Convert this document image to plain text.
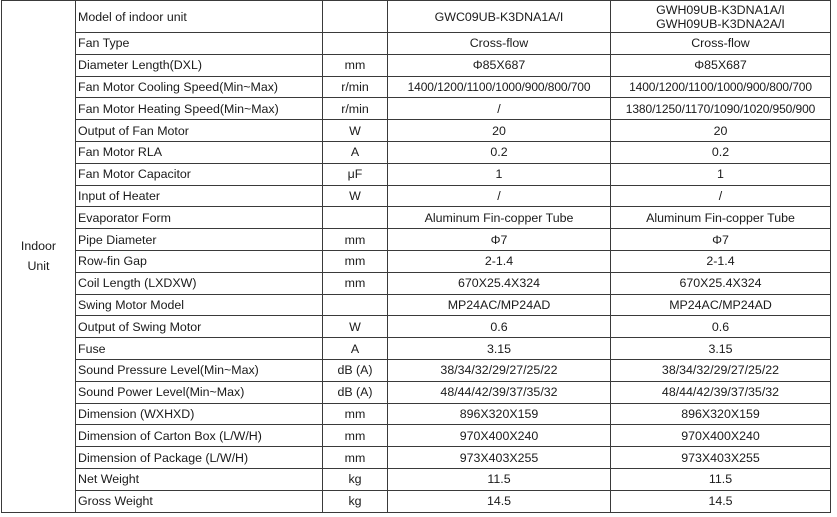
Indoor
Unit	Model of indoor unit		GWC09UB-K3DNA1A/I	GWH09UB-K3DNA1A/I
GWH09UB-K3DNA2A/I

	Fan Type		Cross-flow	Cross-flow
	Diameter Length(DXL)	mm	Φ85X687	Φ85X687
	Fan Motor Cooling Speed(Min~Max)	r/min	1400/1200/1100/1000/900/800/700	1400/1200/1100/1000/900/800/700
	Fan Motor Heating Speed(Min~Max)	r/min	/	1380/1250/1170/1090/1020/950/900
	Output of Fan Motor	W	20	20
	Fan Motor RLA	A	0.2	0.2
	Fan Motor Capacitor	μF	1	1
	Input of Heater	W	/	/
	Evaporator Form		Aluminum Fin-copper Tube	Aluminum Fin-copper Tube
	Pipe Diameter	mm	Φ7	Φ7
	Row-fin Gap	mm	2-1.4	2-1.4
	Coil Length (LXDXW)	mm	670X25.4X324	670X25.4X324
	Swing Motor Model		MP24AC/MP24AD	MP24AC/MP24AD
	Output of Swing Motor	W	0.6	0.6
	Fuse	A	3.15	3.15
	Sound Pressure Level(Min~Max)	dB (A)	38/34/32/29/27/25/22	38/34/32/29/27/25/22
	Sound Power Level(Min~Max)	dB (A)	48/44/42/39/37/35/32	48/44/42/39/37/35/32
	Dimension (WXHXD)	mm	896X320X159	896X320X159
	Dimension of Carton Box (L/W/H)	mm	970X400X240	970X400X240
	Dimension of Package (L/W/H)	mm	973X403X255	973X403X255
	Net Weight	kg	11.5	11.5
	Gross Weight	kg	14.5	14.5
